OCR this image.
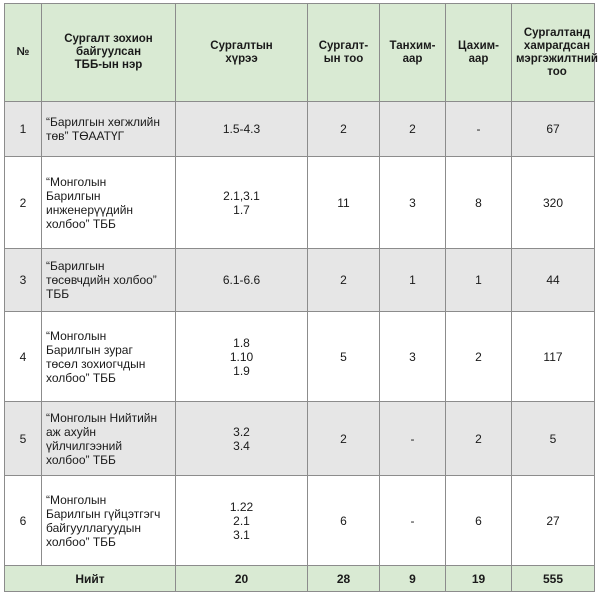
№	Сургалт зохион
байгуулсан
ТББ-ын нэр	Сургалтын
хүрээ	Сургалт-
ын тоо	Танхим-
аар	Цахим-
аар	Сургалтанд
хамрагдсан
мэргэжилтний
тоо
1	“Барилгын хөгжлийн
төв” ТӨААТҮГ	1.5-4.3	2	2	-	67
2	“Монголын
Барилгын
инженерүүдийн
холбоо” ТББ	2.1,3.1
1.7	11	3	8	320
3	“Барилгын
төсөвчдийн холбоо”
ТББ	6.1-6.6	2	1	1	44
4	“Монголын
Барилгын зураг
төсөл зохиогчдын
холбоо” ТББ	1.8
1.10
1.9	5	3	2	117
5	“Монголын Нийтийн
аж ахуйн
үйлчилгээний
холбоо” ТББ	3.2
3.4	2	-	2	5
6	“Монголын
Барилгын гүйцэтгэгч
байгууллагуудын
холбоо” ТББ	1.22
2.1
3.1	6	-	6	27
Нийт		20	28	9	19	555
